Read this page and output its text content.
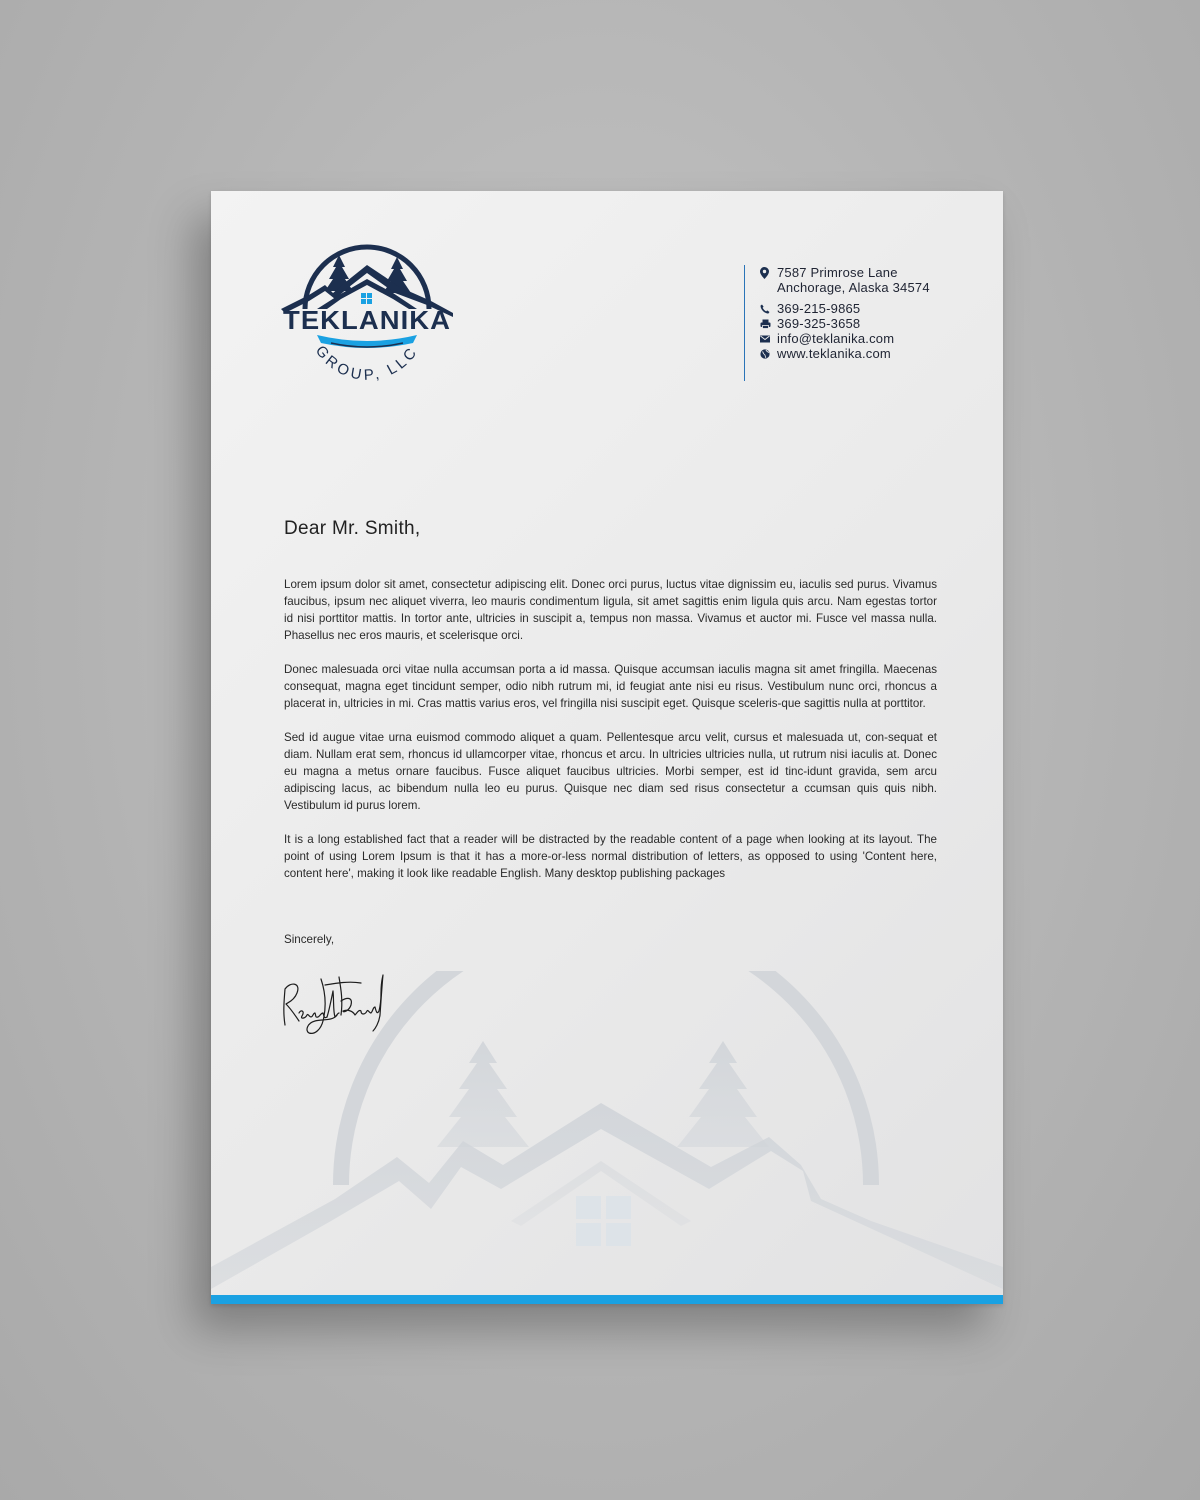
TEKLANIKA
GROUP, LLC
7587 Primrose Lane
Anchorage, Alaska 34574
369-215-9865
369-325-3658
info@teklanika.com
www.teklanika.com
Dear Mr. Smith,

Lorem ipsum dolor sit amet, consectetur adipiscing elit. Donec orci purus, luctus vitae dignissim eu, iaculis sed purus. Vivamus faucibus, ipsum nec aliquet viverra, leo mauris condimentum ligula, sit amet sagittis enim ligula quis arcu. Nam egestas tortor id nisi porttitor mattis. In tortor ante, ultricies in suscipit a, tempus non massa. Vivamus et auctor mi. Fusce vel massa nulla. Phasellus nec eros mauris, et scelerisque orci.

Donec malesuada orci vitae nulla accumsan porta a id massa. Quisque accumsan iaculis magna sit amet fringilla. Maecenas consequat, magna eget tincidunt semper, odio nibh rutrum mi, id feugiat ante nisi eu risus. Vestibulum nunc orci, rhoncus a placerat in, ultricies in mi. Cras mattis varius eros, vel fringilla nisi suscipit eget. Quisque sceleris-que sagittis nulla at porttitor.

Sed id augue vitae urna euismod commodo aliquet a quam. Pellentesque arcu velit, cursus et malesuada ut, con-sequat et diam. Nullam erat sem, rhoncus id ullamcorper vitae, rhoncus et arcu. In ultricies ultricies nulla, ut rutrum nisi iaculis at. Donec eu magna a metus ornare faucibus. Fusce aliquet faucibus ultricies. Morbi semper, est id tinc-idunt gravida, sem arcu adipiscing lacus, ac bibendum nulla leo eu purus. Quisque nec diam sed risus consectetur a ccumsan quis quis nibh. Vestibulum id purus lorem.

It is a long established fact that a reader will be distracted by the readable content of a page when looking at its layout. The point of using Lorem Ipsum is that it has a more-or-less normal distribution of letters, as opposed to using 'Content here, content here', making it look like readable English. Many desktop publishing packages

Sincerely,
